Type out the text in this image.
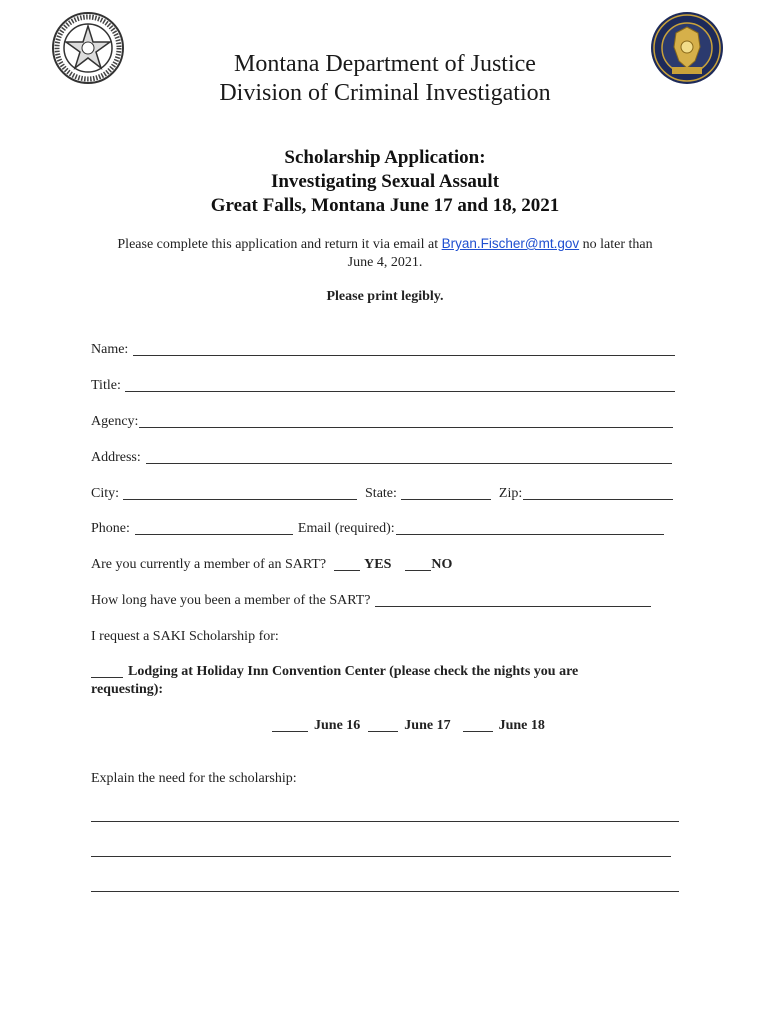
Montana Department of Justice
Division of Criminal Investigation
Scholarship Application:
Investigating Sexual Assault
Great Falls, Montana June 17 and 18, 2021
Please complete this application and return it via email at Bryan.Fischer@mt.gov no later than
June 4, 2021.
Please print legibly.
Name:
Title:
Agency:
Address:
City:	State:	Zip:
Phone:	Email (required):
Are you currently a member of an SART?	YES	NO
How long have you been a member of the SART?
I request a SAKI Scholarship for:
Lodging at Holiday Inn Convention Center (please check the nights you are
requesting):
June 16	June 17	June 18
Explain the need for the scholarship:
